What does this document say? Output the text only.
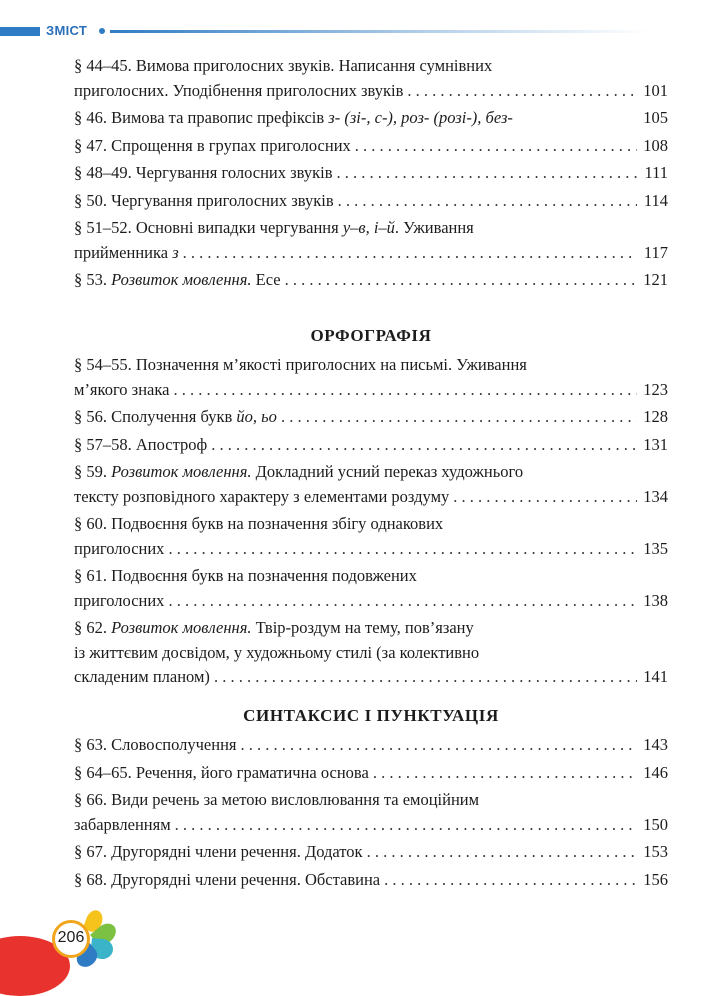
ЗМІСТ
§ 44–45. Вимова приголосних звуків. Написання сумнівних
приголосних. Уподібнення приголосних звуків . . .	101
§ 46. Вимова та правопис префіксів з- (зі-, с-), роз- (розі-), без-	105
§ 47. Спрощення в групах приголосних . . .	108
§ 48–49. Чергування голосних звуків . . .	111
§ 50. Чергування приголосних звуків . . .	114
§ 51–52. Основні випадки чергування у–в, і–й. Уживання
прийменника з . . .	117
§ 53. Розвиток мовлення. Есе . . .	121
ОРФОГРАФІЯ
§ 54–55. Позначення м’якості приголосних на письмі. Уживання
м’якого знака . . .	123
§ 56. Сполучення букв йо, ьо . . .	128
§ 57–58. Апостроф . . .	131
§ 59. Розвиток мовлення. Докладний усний переказ художнього
тексту розповідного характеру з елементами роздуму . . .	134
§ 60. Подвоєння букв на позначення збігу однакових
приголосних . . .	135
§ 61. Подвоєння букв на позначення подовжених
приголосних . . .	138
§ 62. Розвиток мовлення. Твір-роздум на тему, пов’язану
із життєвим досвідом, у художньому стилі (за колективно
складеним планом) . . .	141
СИНТАКСИС І ПУНКТУАЦІЯ
§ 63. Словосполучення . . .	143
§ 64–65. Речення, його граматична основа . . .	146
§ 66. Види речень за метою висловлювання та емоційним
забарвленням . . .	150
§ 67. Другорядні члени речення. Додаток . . .	153
§ 68. Другорядні члени речення. Обставина . . .	156
206
